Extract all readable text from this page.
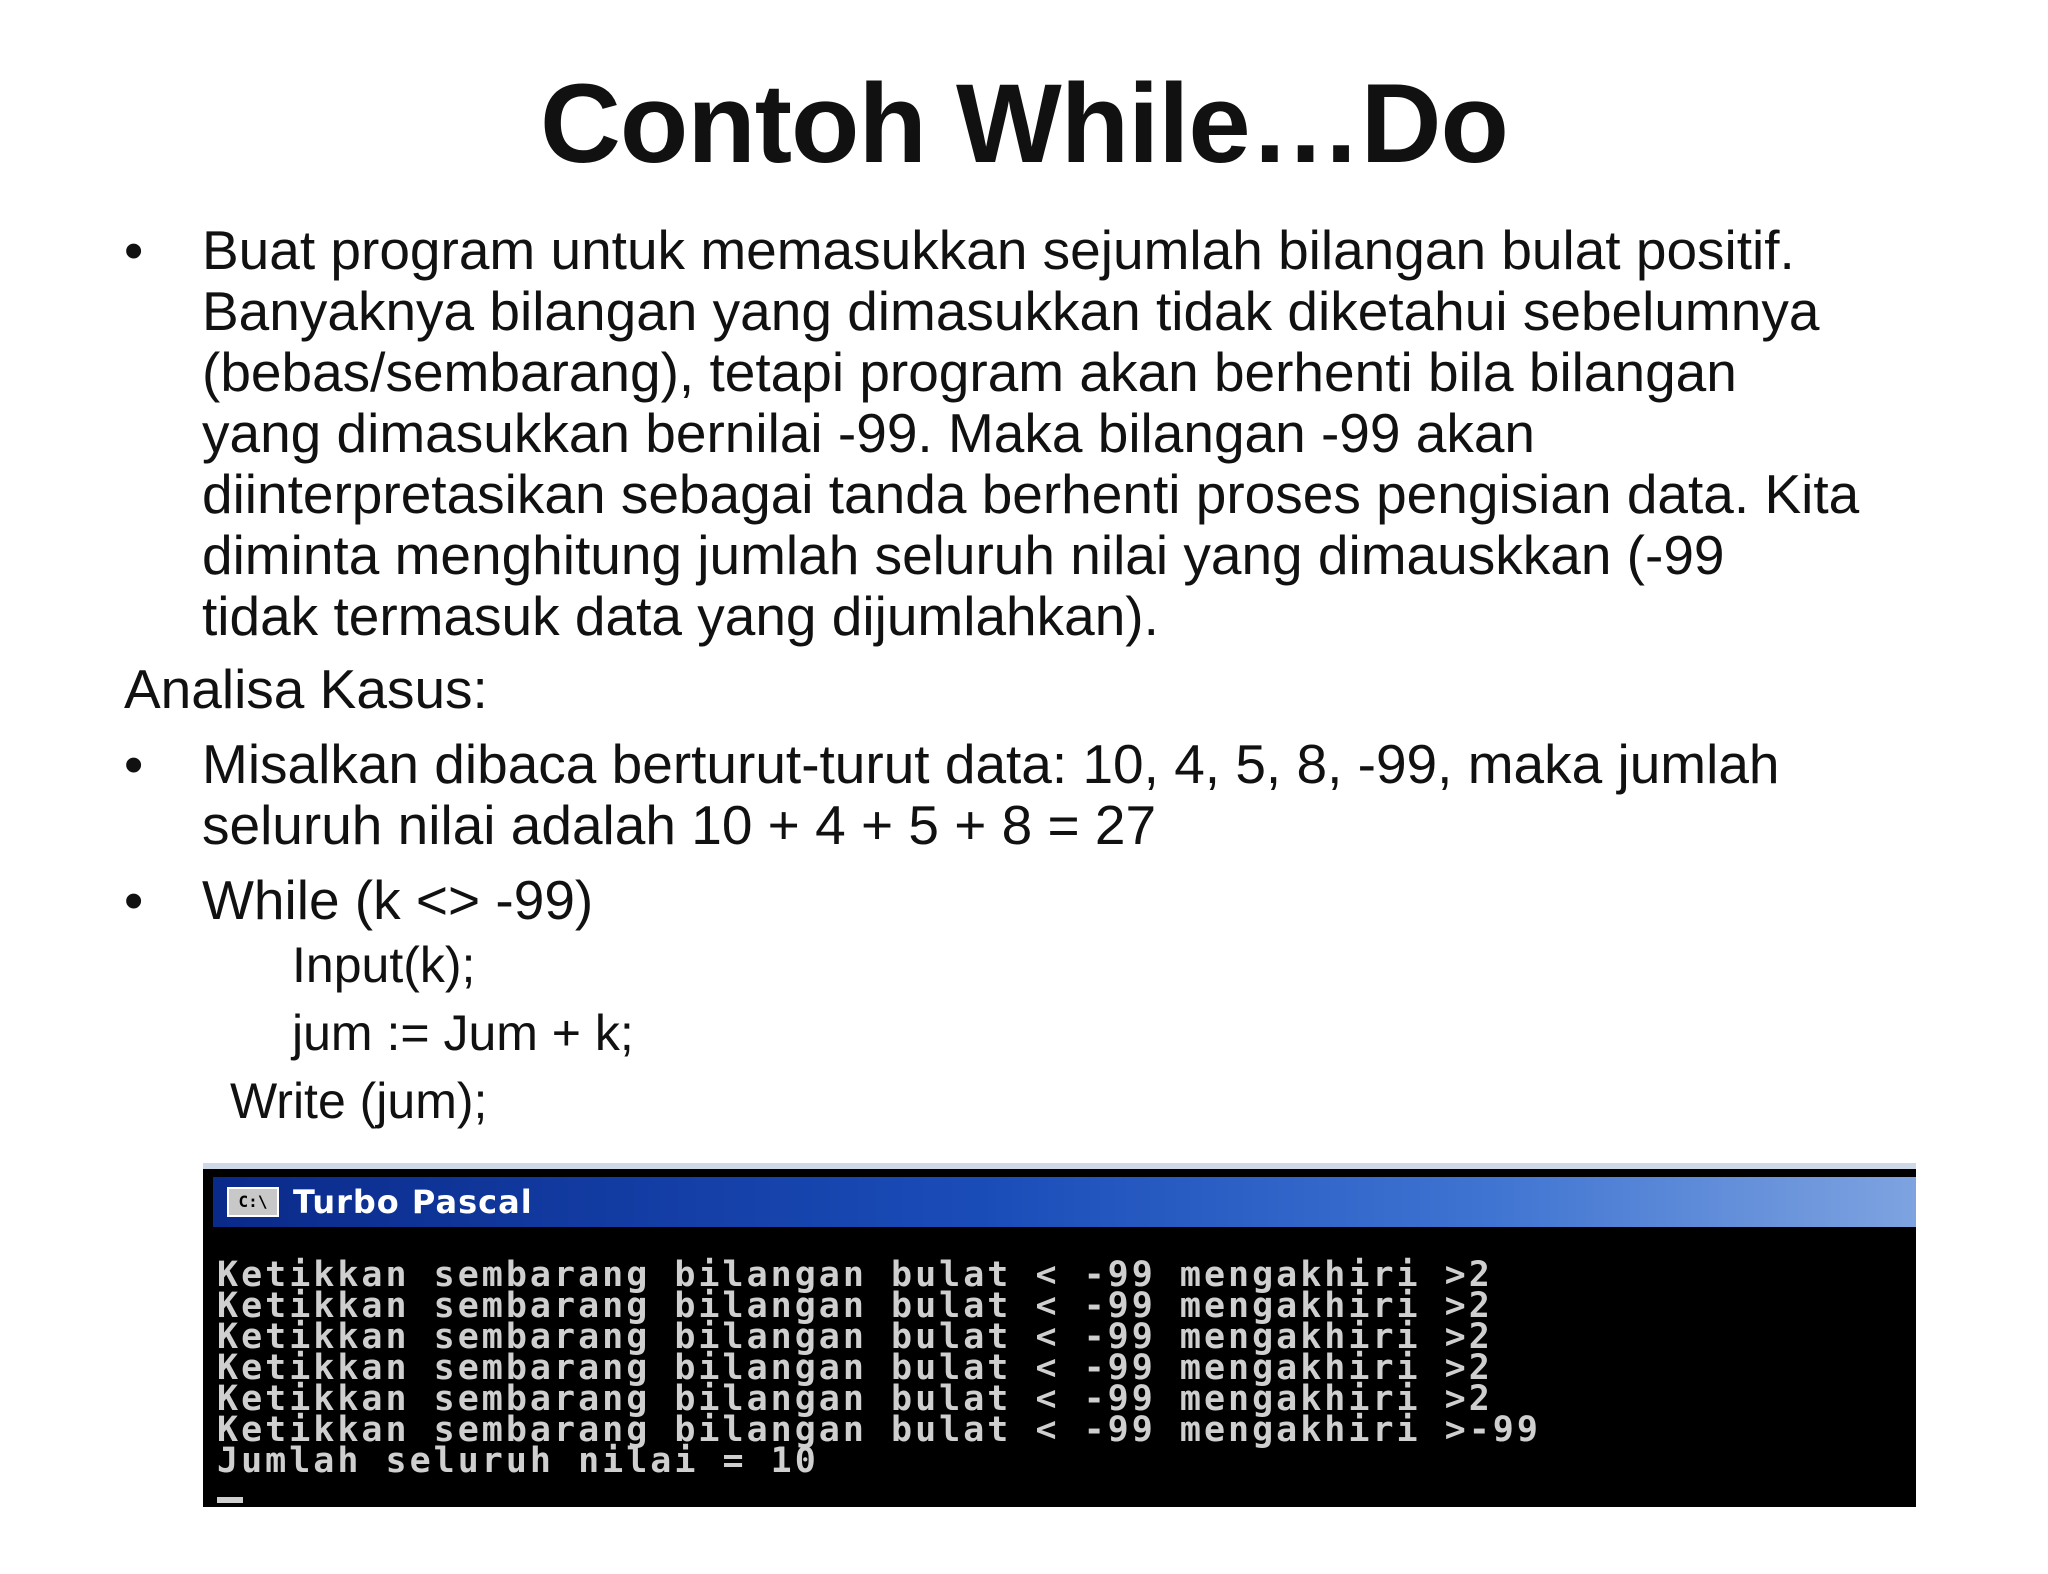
Contoh While…Do
•	Buat program untuk memasukkan sejumlah bilangan bulat positif.
Banyaknya bilangan yang dimasukkan tidak diketahui sebelumnya
(bebas/sembarang), tetapi program akan berhenti bila bilangan
yang dimasukkan bernilai -99. Maka bilangan -99 akan
diinterpretasikan sebagai tanda berhenti proses pengisian data. Kita
diminta menghitung jumlah seluruh nilai yang dimauskkan (-99
tidak termasuk data yang dijumlahkan).
Analisa Kasus:
•	Misalkan dibaca berturut-turut data: 10, 4, 5, 8, -99, maka jumlah
seluruh nilai adalah 10 + 4 + 5 + 8 = 27
•	While (k <> -99)
Input(k);
jum := Jum + k;
Write (jum);
C:\ Turbo Pascal

Ketikkan sembarang bilangan bulat < -99 mengakhiri >2
Ketikkan sembarang bilangan bulat < -99 mengakhiri >2
Ketikkan sembarang bilangan bulat < -99 mengakhiri >2
Ketikkan sembarang bilangan bulat < -99 mengakhiri >2
Ketikkan sembarang bilangan bulat < -99 mengakhiri >2
Ketikkan sembarang bilangan bulat < -99 mengakhiri >-99
Jumlah seluruh nilai = 10
